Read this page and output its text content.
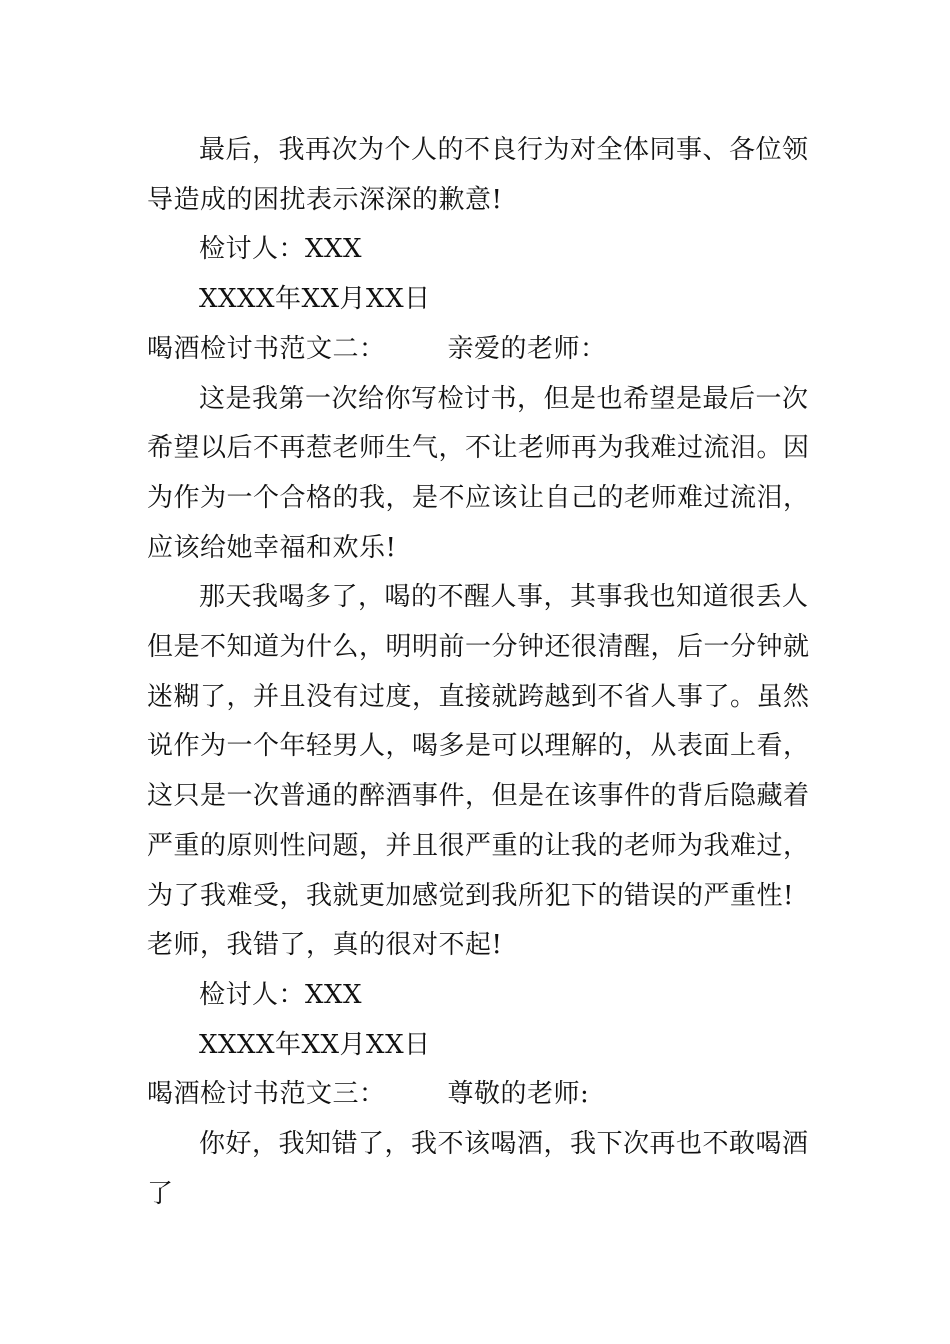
最后，我再次为个人的不良行为对全体同事、各位领导造成的困扰表示深深的歉意!

检讨人：XXX

XXXX年XX月XX日

喝酒检讨书范文二： 亲爱的老师：

这是我第一次给你写检讨书，但是也希望是最后一次希望以后不再惹老师生气，不让老师再为我难过流泪。因为作为一个合格的我，是不应该让自己的老师难过流泪，应该给她幸福和欢乐!

那天我喝多了，喝的不醒人事，其事我也知道很丢人但是不知道为什么，明明前一分钟还很清醒，后一分钟就迷糊了，并且没有过度，直接就跨越到不省人事了。虽然说作为一个年轻男人，喝多是可以理解的，从表面上看，这只是一次普通的醉酒事件，但是在该事件的背后隐藏着严重的原则性问题，并且很严重的让我的老师为我难过，为了我难受，我就更加感觉到我所犯下的错误的严重性!老师，我错了，真的很对不起!

检讨人：XXX

XXXX年XX月XX日

喝酒检讨书范文三： 尊敬的老师:

你好，我知错了，我不该喝酒，我下次再也不敢喝酒了
